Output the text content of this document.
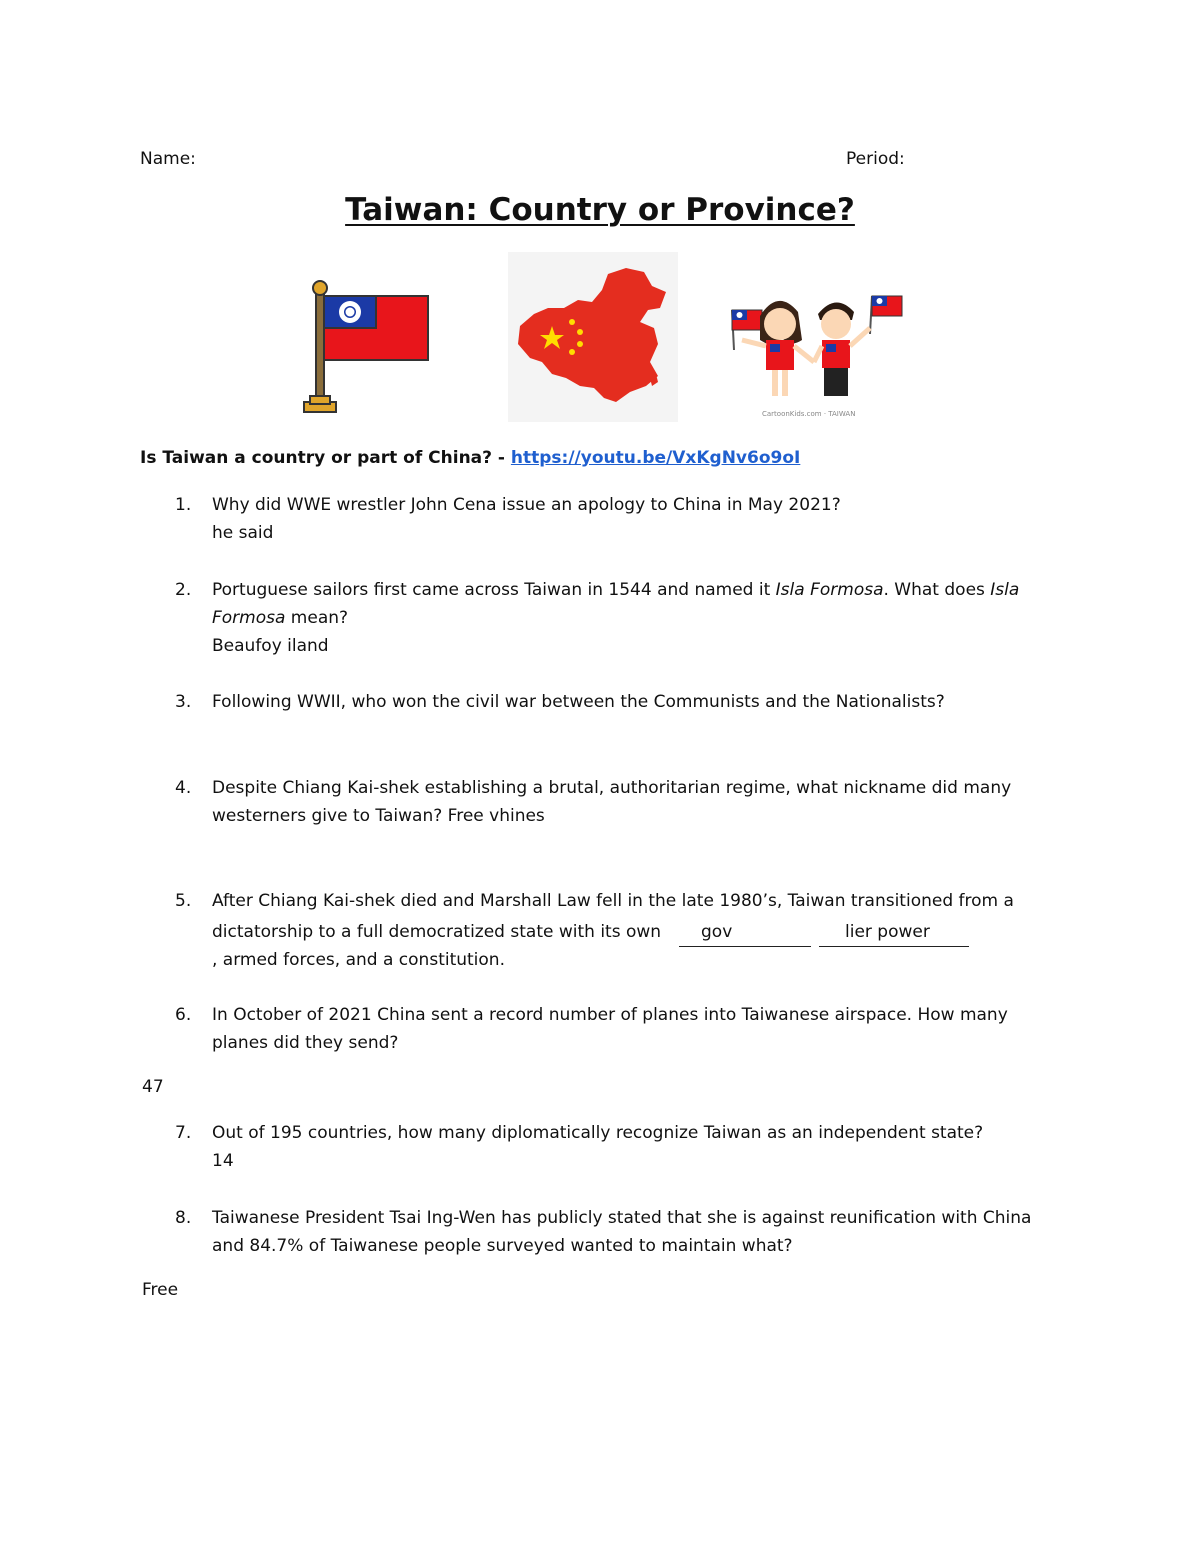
Name:	Period:
Taiwan: Country or Province?
CartoonKids.com · TAIWAN
Is Taiwan a country or part of China? - https://youtu.be/VxKgNv6o9oI
1.	Why did WWE wrestler John Cena issue an apology to China in May 2021?
he said
2.	Portuguese sailors first came across Taiwan in 1544 and named it Isla Formosa. What does Isla
Formosa mean?
Beaufoy iland
3.	Following WWII, who won the civil war between the Communists and the Nationalists?
4.	Despite Chiang Kai-shek establishing a brutal, authoritarian regime, what nickname did many
westerners give to Taiwan? Free vhines
5.	After Chiang Kai-shek died and Marshall Law fell in the late 1980’s, Taiwan transitioned from a
dictatorship to a full democratized state with its own	gov	lier power
, armed forces, and a constitution.
6.	In October of 2021 China sent a record number of planes into Taiwanese airspace. How many
planes did they send?
47
7.	Out of 195 countries, how many diplomatically recognize Taiwan as an independent state?
14
8.	Taiwanese President Tsai Ing-Wen has publicly stated that she is against reunification with China
and 84.7% of Taiwanese people surveyed wanted to maintain what?
Free
